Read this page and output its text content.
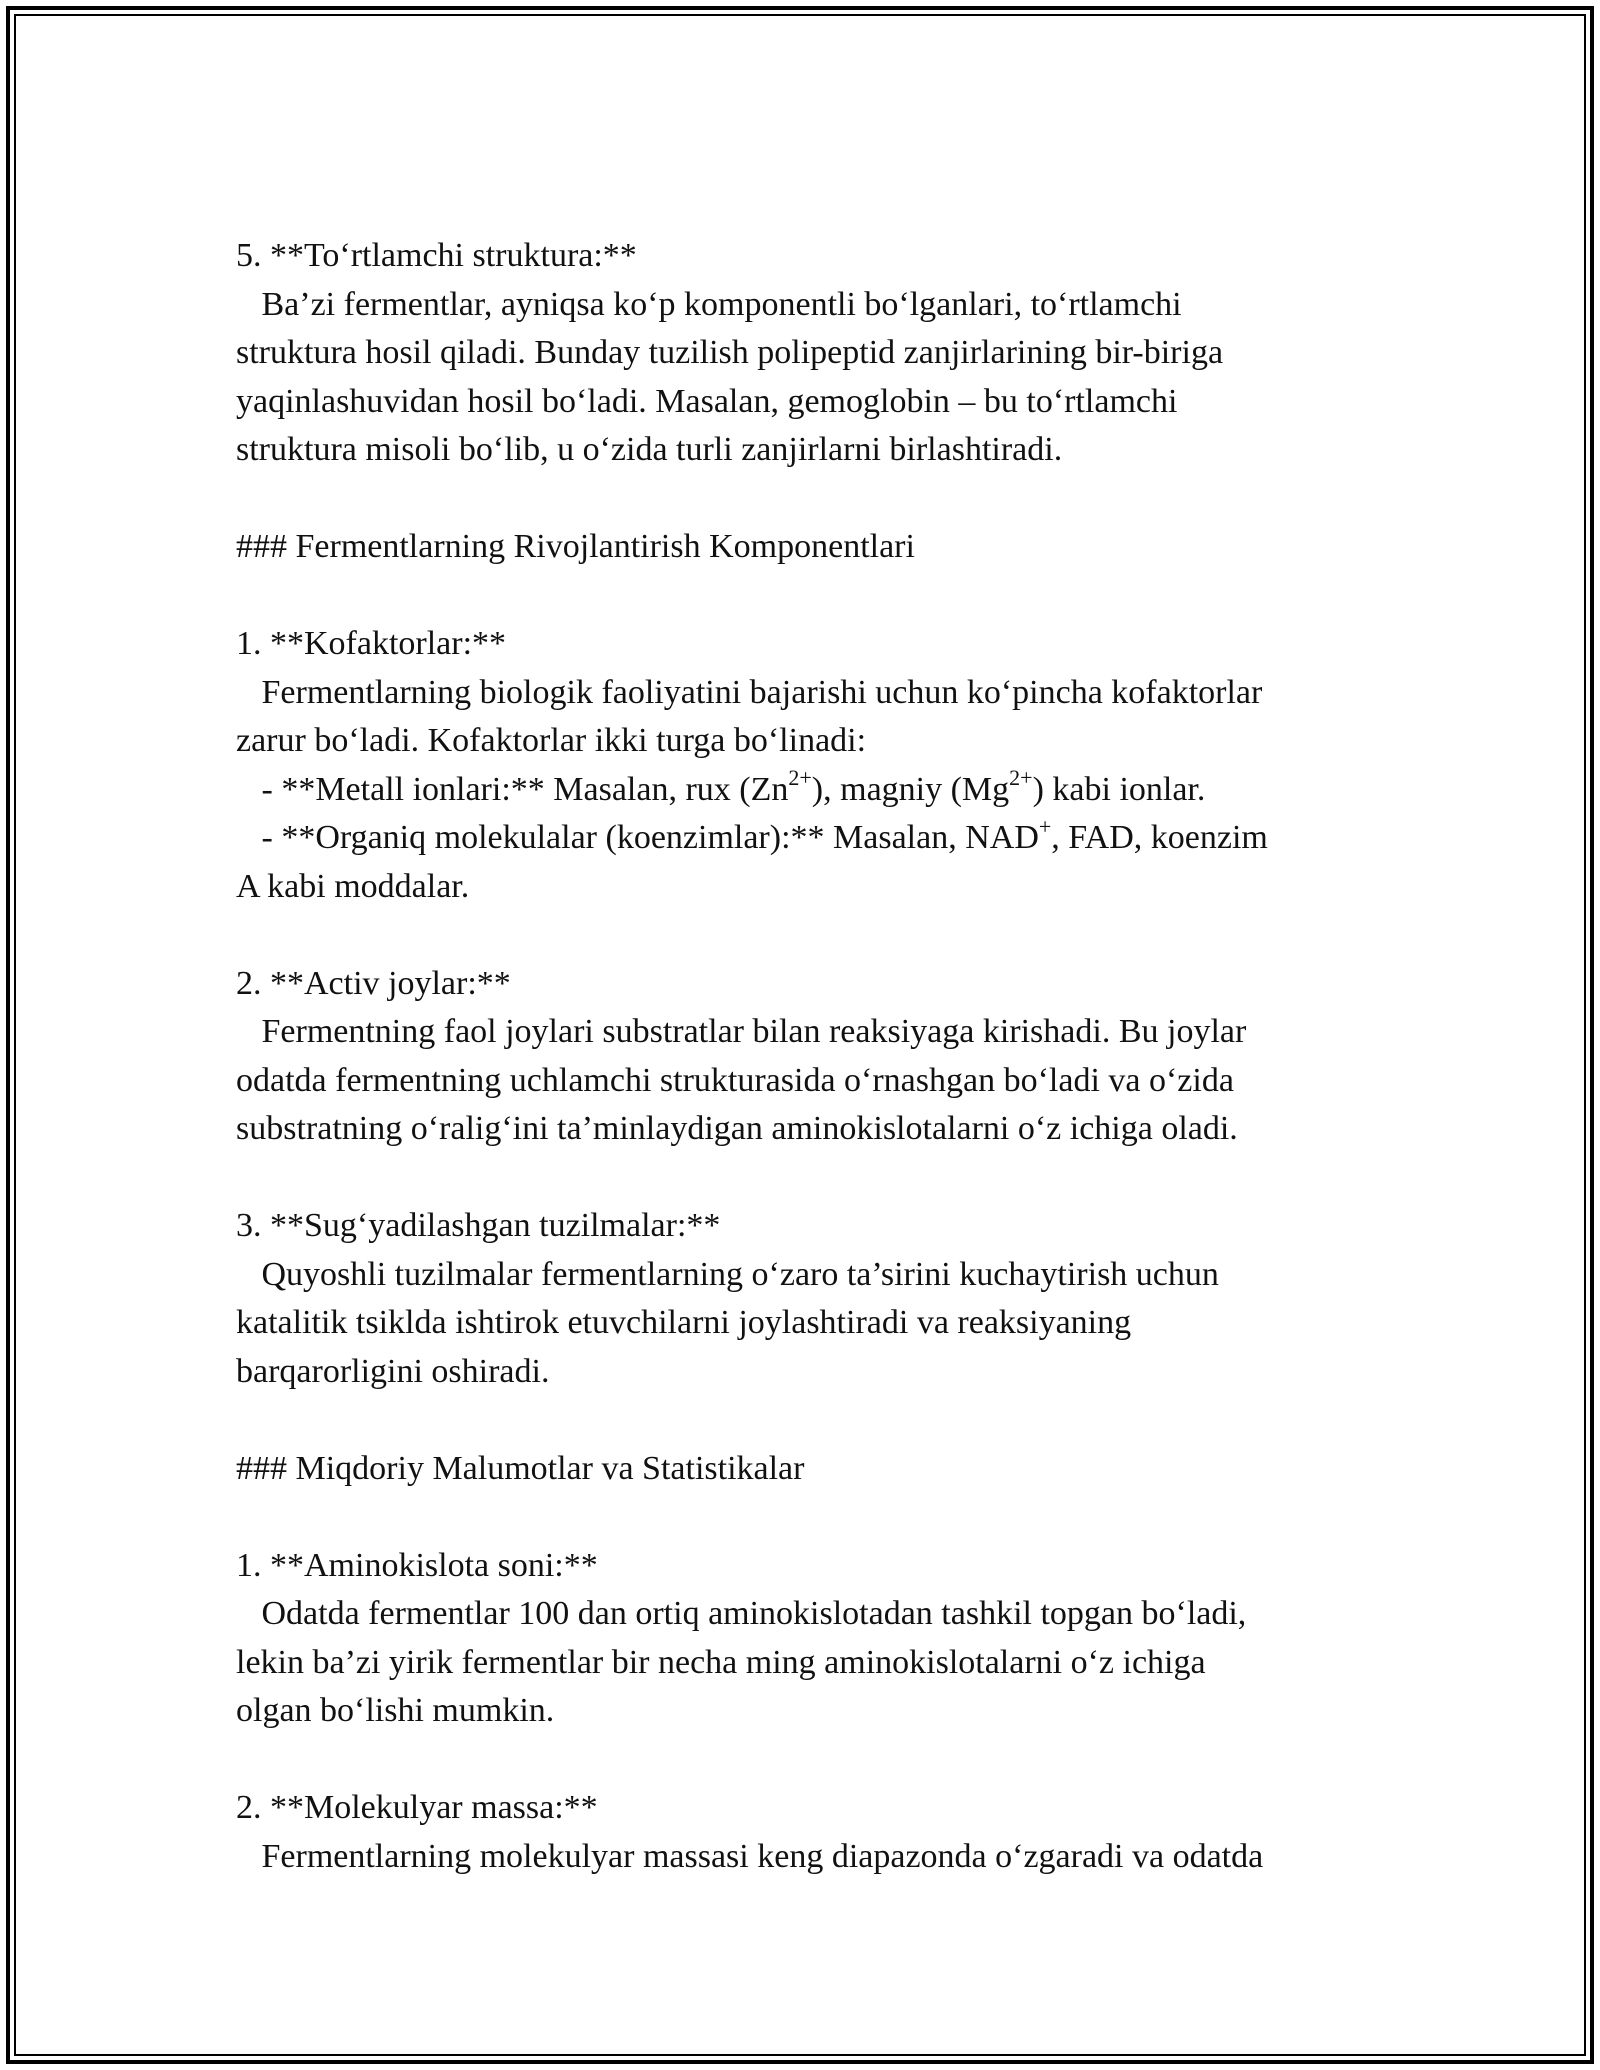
5. **To‘rtlamchi struktura:**

Ba’zi fermentlar, ayniqsa ko‘p komponentli bo‘lganlari, to‘rtlamchi

struktura hosil qiladi. Bunday tuzilish polipeptid zanjirlarining bir-biriga

yaqinlashuvidan hosil bo‘ladi. Masalan, gemoglobin – bu to‘rtlamchi

struktura misoli bo‘lib, u o‘zida turli zanjirlarni birlashtiradi.

### Fermentlarning Rivojlantirish Komponentlari

1. **Kofaktorlar:**

Fermentlarning biologik faoliyatini bajarishi uchun ko‘pincha kofaktorlar

zarur bo‘ladi. Kofaktorlar ikki turga bo‘linadi:

- **Metall ionlari:** Masalan, rux $(Zn^{2+})$, magniy $(Mg^{2+})$ kabi ionlar.

- **Organiq molekulalar (koenzimlar):** Masalan, NAD+, FAD, koenzim

A kabi moddalar.

2. **Activ joylar:**

Fermentning faol joylari substratlar bilan reaksiyaga kirishadi. Bu joylar

odatda fermentning uchlamchi strukturasida o‘rnashgan bo‘ladi va o‘zida

substratning o‘ralig‘ini ta’minlaydigan aminokislotalarni o‘z ichiga oladi.

3. **Sug‘yadilashgan tuzilmalar:**

Quyoshli tuzilmalar fermentlarning o‘zaro ta’sirini kuchaytirish uchun

katalitik tsiklda ishtirok etuvchilarni joylashtiradi va reaksiyaning

barqarorligini oshiradi.

### Miqdoriy Malumotlar va Statistikalar

1. **Aminokislota soni:**

Odatda fermentlar 100 dan ortiq aminokislotadan tashkil topgan bo‘ladi,

lekin ba’zi yirik fermentlar bir necha ming aminokislotalarni o‘z ichiga

olgan bo‘lishi mumkin.

2. **Molekulyar massa:**

Fermentlarning molekulyar massasi keng diapazonda o‘zgaradi va odatda
